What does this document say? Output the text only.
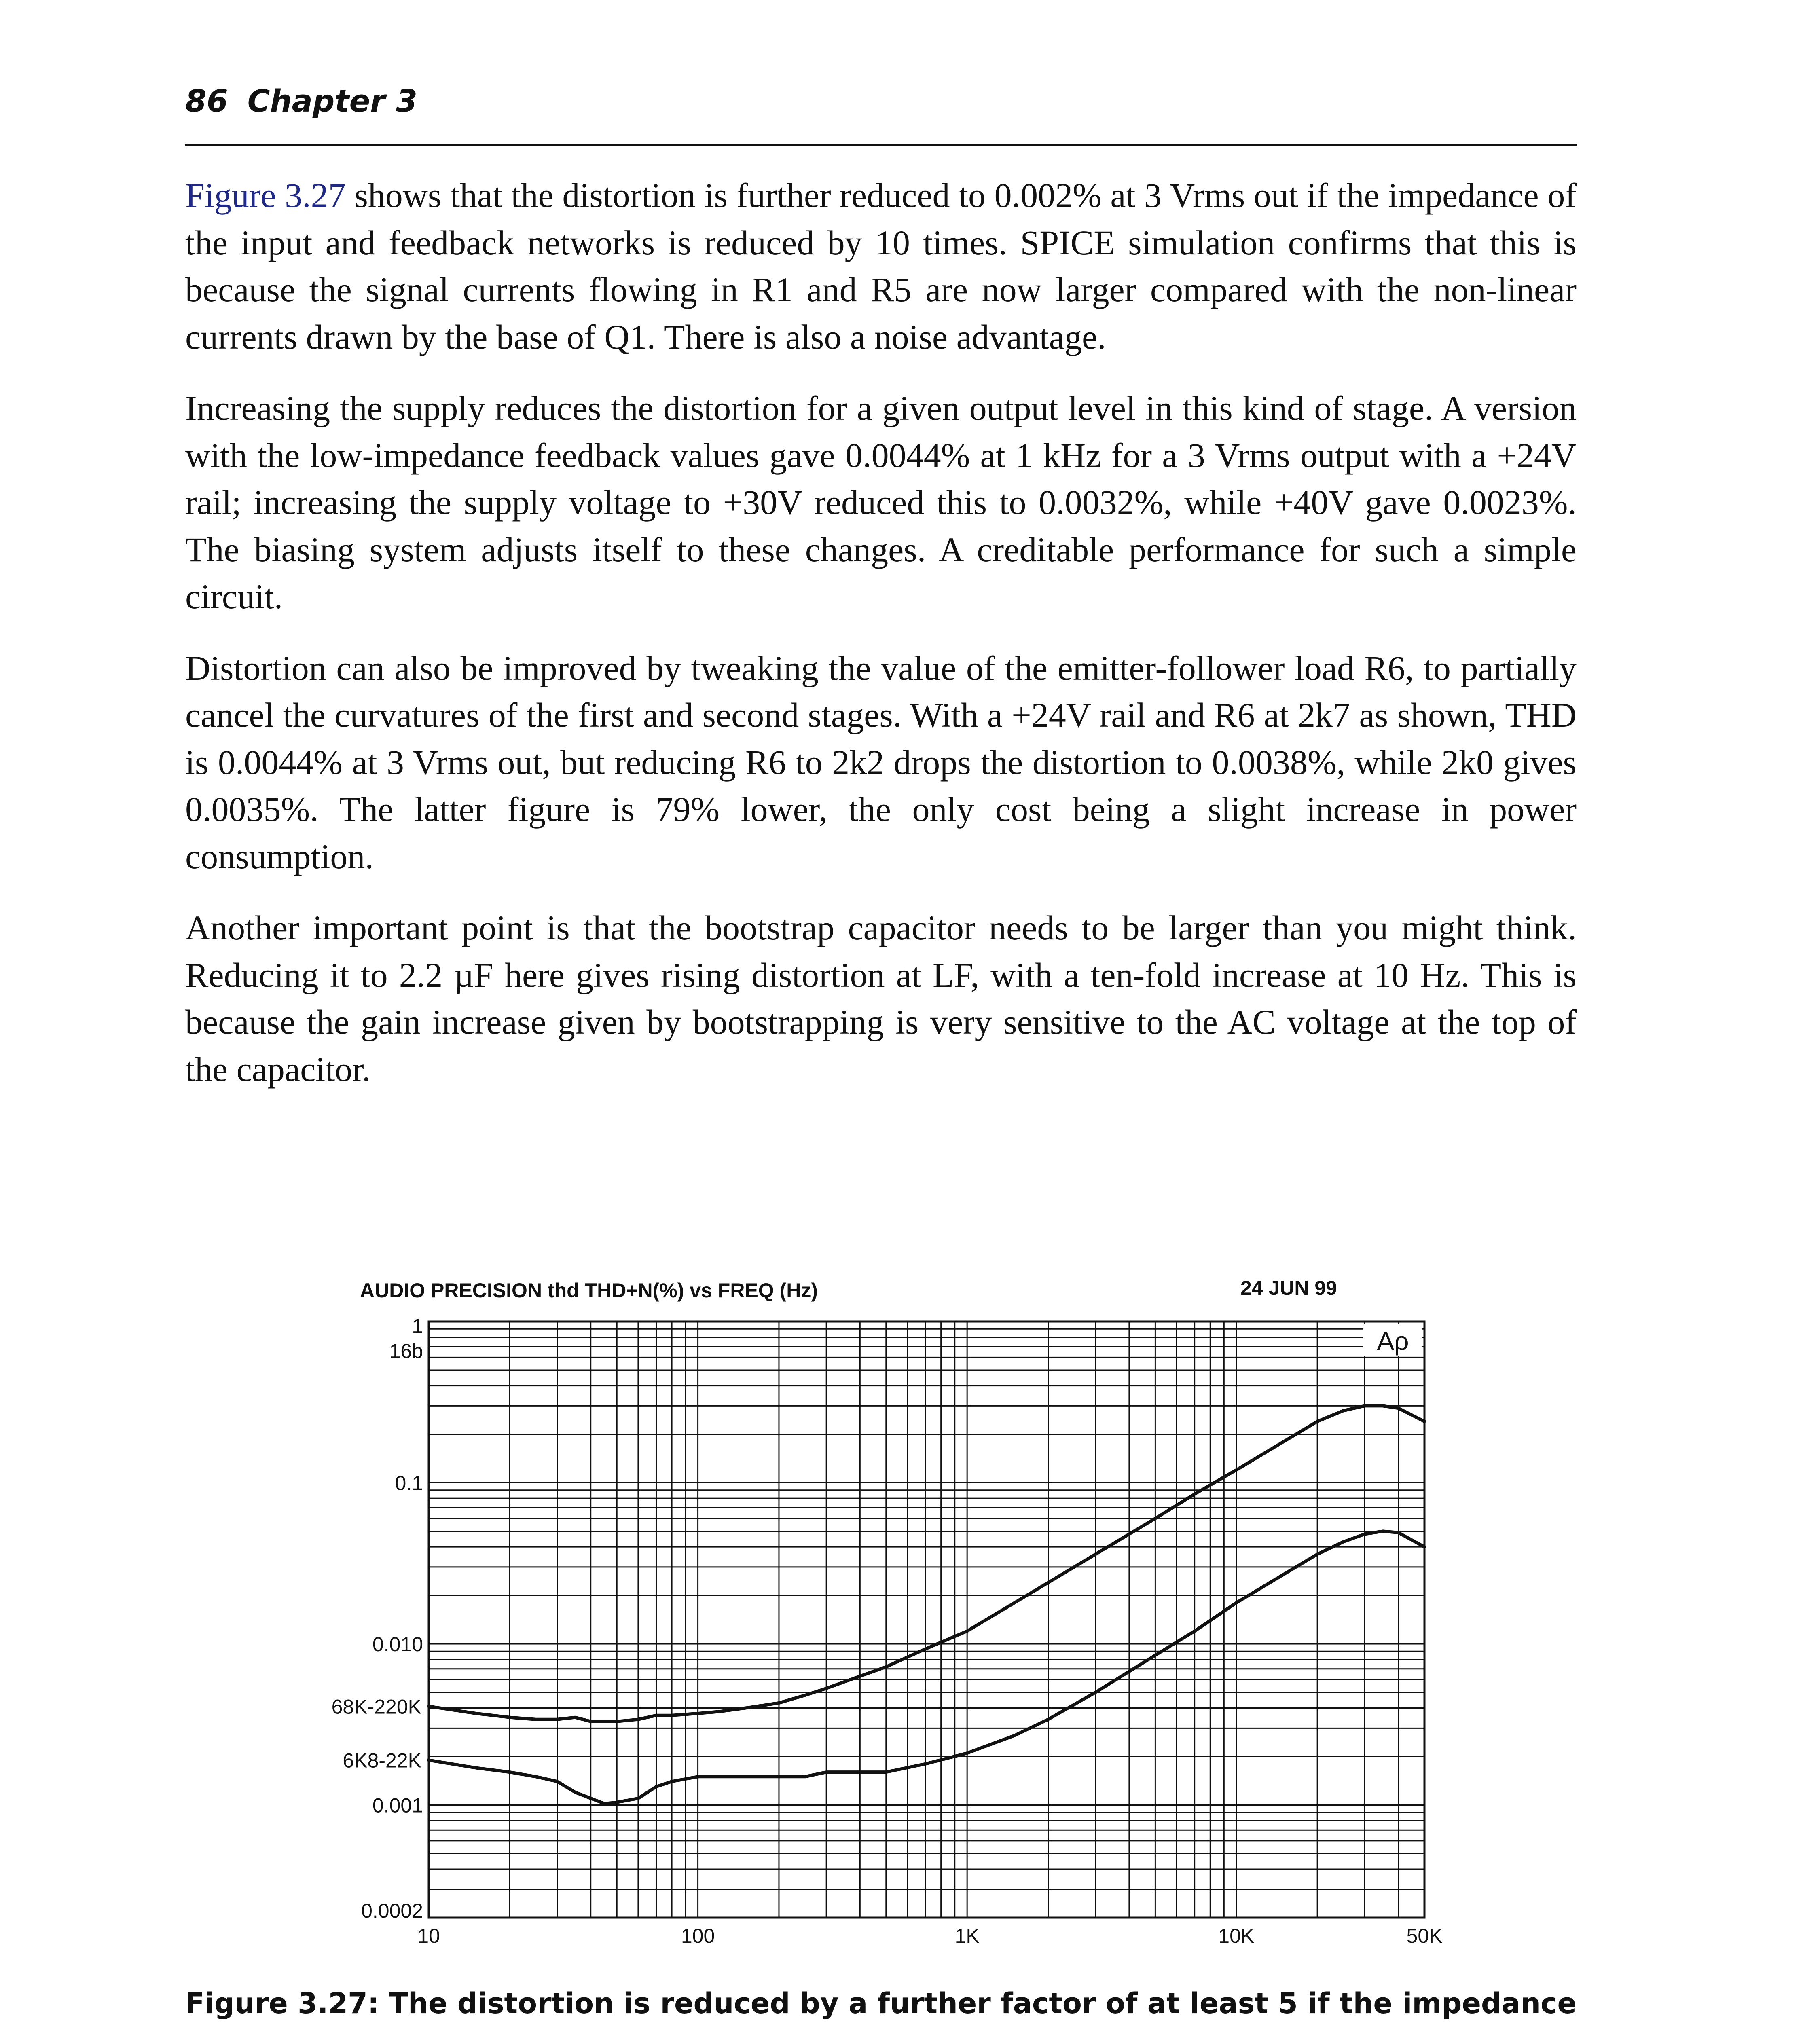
86 Chapter 3

Figure 3.27 shows that the distortion is further reduced to 0.002% at 3 Vrms out if the impedance of the input and feedback networks is reduced by 10 times. SPICE simulation confirms that this is because the signal currents flowing in R1 and R5 are now larger compared with the non-linear currents drawn by the base of Q1. There is also a noise advantage.

Increasing the supply reduces the distortion for a given output level in this kind of stage. A version with the low-impedance feedback values gave 0.0044% at 1 kHz for a 3 Vrms output with a +24V rail; increasing the supply voltage to +30V reduced this to 0.0032%, while +40V gave 0.0023%. The biasing system adjusts itself to these changes. A creditable performance for such a simple circuit.

Distortion can also be improved by tweaking the value of the emitter-follower load R6, to partially cancel the curvatures of the first and second stages. With a +24V rail and R6 at 2k7 as shown, THD is 0.0044% at 3 Vrms out, but reducing R6 to 2k2 drops the distortion to 0.0038%, while 2k0 gives 0.0035%. The latter figure is 79% lower, the only cost being a slight increase in power consumption.

Another important point is that the bootstrap capacitor needs to be larger than you might think. Reducing it to 2.2 µF here gives rising distortion at LF, with a ten-fold increase at 10 Hz. This is because the gain increase given by bootstrapping is very sensitive to the AC voltage at the top of the capacitor.

68K-220K
6K8-22K
1
0.1
0.010
0.001
0.0002
16b
10	100	1K	10K	50K
AUDIO PRECISION thd THD+N(%) vs FREQ (Hz)	24 JUN 99
Aρ
Figure 3.27: The distortion is reduced by a further factor of at least 5 if the impedance
